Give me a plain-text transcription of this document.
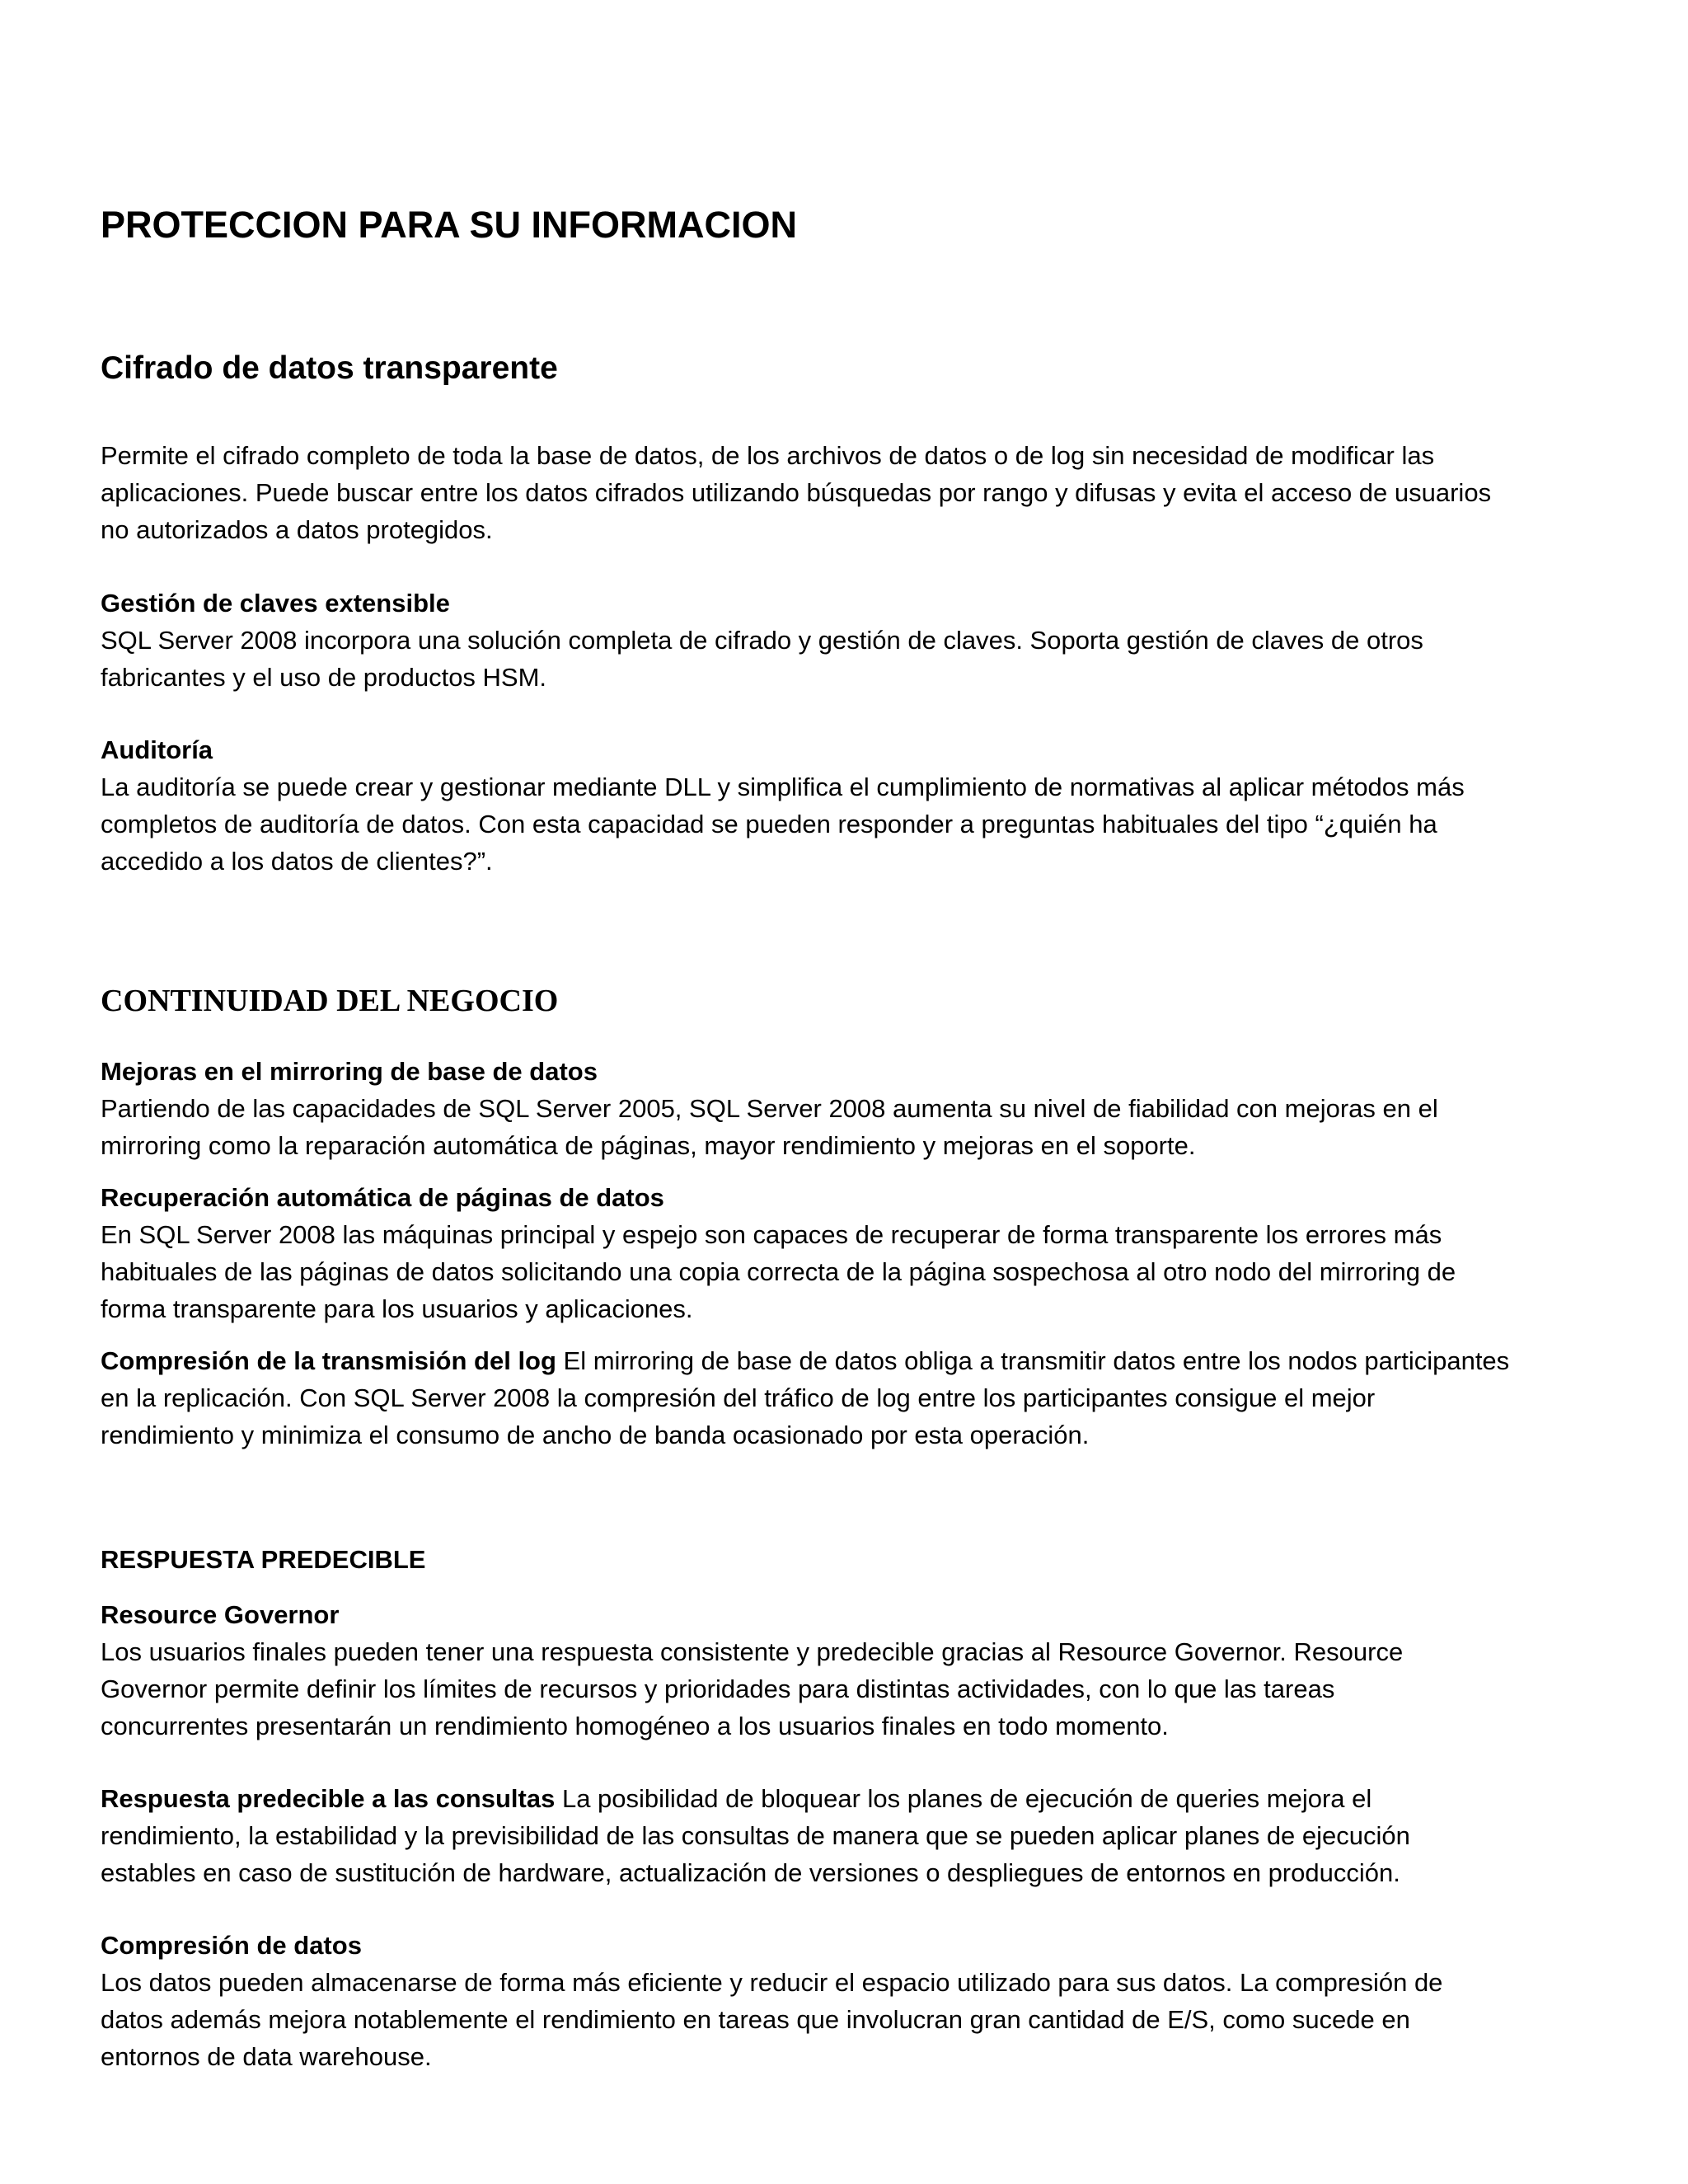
PROTECCION PARA SU INFORMACION
Cifrado de datos transparente
Permite el cifrado completo de toda la base de datos, de los archivos de datos o de log sin necesidad de modificar las
aplicaciones. Puede buscar entre los datos cifrados utilizando búsquedas por rango y difusas y evita el acceso de usuarios
no autorizados a datos protegidos.
Gestión de claves extensible
SQL Server 2008 incorpora una solución completa de cifrado y gestión de claves. Soporta gestión de claves de otros
fabricantes y el uso de productos HSM.
Auditoría
La auditoría se puede crear y gestionar mediante DLL y simplifica el cumplimiento de normativas al aplicar métodos más
completos de auditoría de datos. Con esta capacidad se pueden responder a preguntas habituales del tipo “¿quién ha
accedido a los datos de clientes?”.
CONTINUIDAD DEL NEGOCIO
Mejoras en el mirroring de base de datos
Partiendo de las capacidades de SQL Server 2005, SQL Server 2008 aumenta su nivel de fiabilidad con mejoras en el
mirroring como la reparación automática de páginas, mayor rendimiento y mejoras en el soporte.
Recuperación automática de páginas de datos
En SQL Server 2008 las máquinas principal y espejo son capaces de recuperar de forma transparente los errores más
habituales de las páginas de datos solicitando una copia correcta de la página sospechosa al otro nodo del mirroring de
forma transparente para los usuarios y aplicaciones.
Compresión de la transmisión del log El mirroring de base de datos obliga a transmitir datos entre los nodos participantes
en la replicación. Con SQL Server 2008 la compresión del tráfico de log entre los participantes consigue el mejor
rendimiento y minimiza el consumo de ancho de banda ocasionado por esta operación.
RESPUESTA PREDECIBLE
Resource Governor
Los usuarios finales pueden tener una respuesta consistente y predecible gracias al Resource Governor. Resource
Governor permite definir los límites de recursos y prioridades para distintas actividades, con lo que las tareas
concurrentes presentarán un rendimiento homogéneo a los usuarios finales en todo momento.
Respuesta predecible a las consultas La posibilidad de bloquear los planes de ejecución de queries mejora el
rendimiento, la estabilidad y la previsibilidad de las consultas de manera que se pueden aplicar planes de ejecución
estables en caso de sustitución de hardware, actualización de versiones o despliegues de entornos en producción.
Compresión de datos
Los datos pueden almacenarse de forma más eficiente y reducir el espacio utilizado para sus datos. La compresión de
datos además mejora notablemente el rendimiento en tareas que involucran gran cantidad de E/S, como sucede en
entornos de data warehouse.
